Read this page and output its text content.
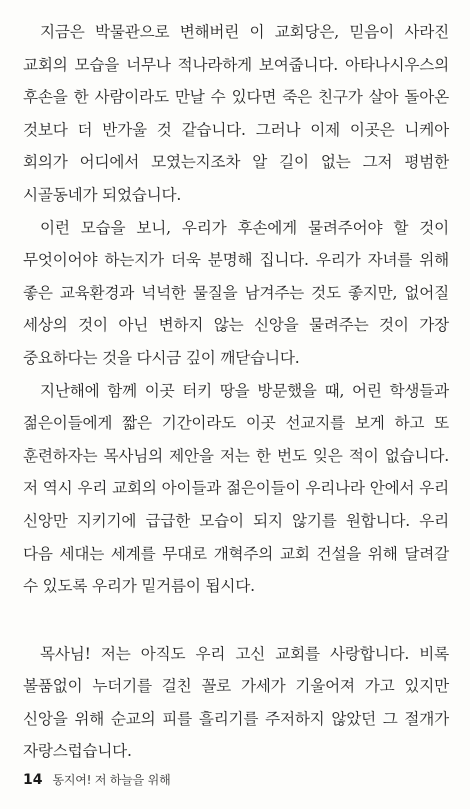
지금은 박물관으로 변해버린 이 교회당은, 믿음이 사라진 교회의 모습을 너무나 적나라하게 보여줍니다. 아타나시우스의 후손을 한 사람이라도 만날 수 있다면 죽은 친구가 살아 돌아온 것보다 더 반가울 것 같습니다. 그러나 이제 이곳은 니케아 회의가 어디에서 모였는지조차 알 길이 없는 그저 평범한 시골동네가 되었습니다.

이런 모습을 보니, 우리가 후손에게 물려주어야 할 것이 무엇이어야 하는지가 더욱 분명해 집니다. 우리가 자녀를 위해 좋은 교육환경과 넉넉한 물질을 남겨주는 것도 좋지만, 없어질 세상의 것이 아닌 변하지 않는 신앙을 물려주는 것이 가장 중요하다는 것을 다시금 깊이 깨닫습니다.

지난해에 함께 이곳 터키 땅을 방문했을 때, 어린 학생들과 젊은이들에게 짧은 기간이라도 이곳 선교지를 보게 하고 또 훈련하자는 목사님의 제안을 저는 한 번도 잊은 적이 없습니다. 저 역시 우리 교회의 아이들과 젊은이들이 우리나라 안에서 우리 신앙만 지키기에 급급한 모습이 되지 않기를 원합니다. 우리 다음 세대는 세계를 무대로 개혁주의 교회 건설을 위해 달려갈 수 있도록 우리가 밑거름이 됩시다.

목사님! 저는 아직도 우리 고신 교회를 사랑합니다. 비록 볼품없이 누더기를 걸친 꼴로 가세가 기울어져 가고 있지만 신앙을 위해 순교의 피를 흘리기를 주저하지 않았던 그 절개가 자랑스럽습니다.

14 동지여! 저 하늘을 위해
